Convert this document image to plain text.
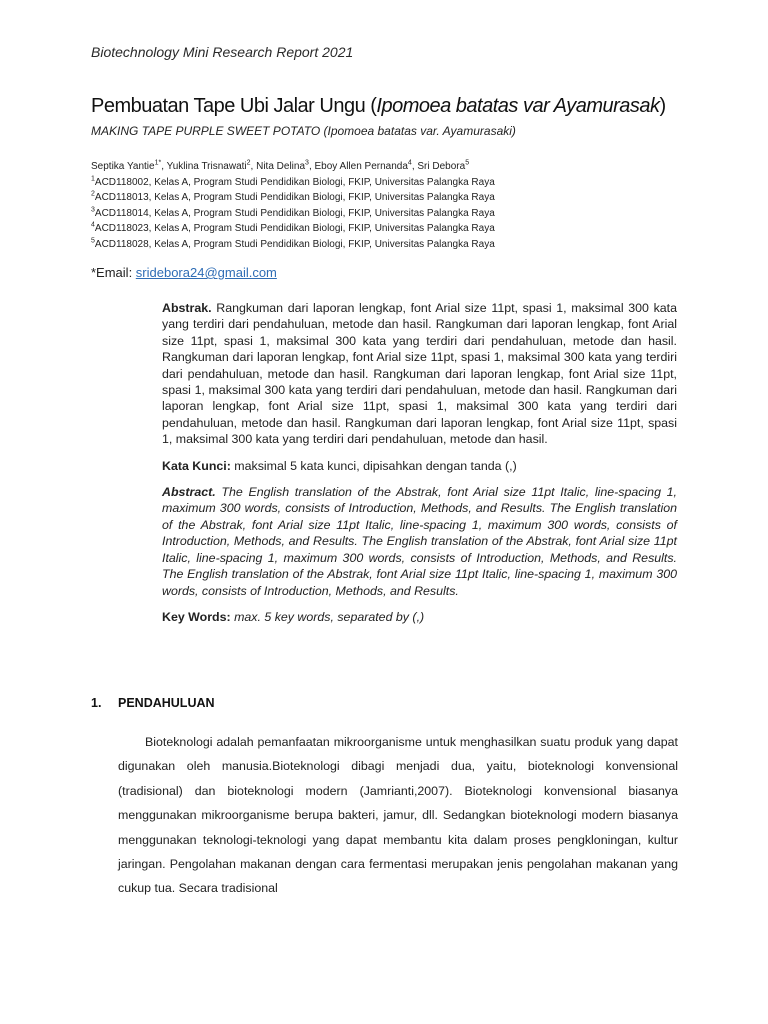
Biotechnology Mini Research Report 2021
Pembuatan Tape Ubi Jalar Ungu (Ipomoea batatas var Ayamurasak)
MAKING TAPE PURPLE SWEET POTATO (Ipomoea batatas var. Ayamurasaki)
Septika Yantie$^{1*}$, Yuklina Trisnawati$^2$, Nita Delina$^3$, Eboy Allen Pernanda$^4$, Sri Debora$^5$
$^1$ACD118002, Kelas A, Program Studi Pendidikan Biologi, FKIP, Universitas Palangka Raya
$^2$ACD118013, Kelas A, Program Studi Pendidikan Biologi, FKIP, Universitas Palangka Raya
$^3$ACD118014, Kelas A, Program Studi Pendidikan Biologi, FKIP, Universitas Palangka Raya
$^4$ACD118023, Kelas A, Program Studi Pendidikan Biologi, FKIP, Universitas Palangka Raya
$^5$ACD118028, Kelas A, Program Studi Pendidikan Biologi, FKIP, Universitas Palangka Raya
*Email: sridebora24@gmail.com

Abstrak. Rangkuman dari laporan lengkap, font Arial size 11pt, spasi 1, maksimal 300 kata yang terdiri dari pendahuluan, metode dan hasil. Rangkuman dari laporan lengkap, font Arial size 11pt, spasi 1, maksimal 300 kata yang terdiri dari pendahuluan, metode dan hasil. Rangkuman dari laporan lengkap, font Arial size 11pt, spasi 1, maksimal 300 kata yang terdiri dari pendahuluan, metode dan hasil. Rangkuman dari laporan lengkap, font Arial size 11pt, spasi 1, maksimal 300 kata yang terdiri dari pendahuluan, metode dan hasil. Rangkuman dari laporan lengkap, font Arial size 11pt, spasi 1, maksimal 300 kata yang terdiri dari pendahuluan, metode dan hasil. Rangkuman dari laporan lengkap, font Arial size 11pt, spasi 1, maksimal 300 kata yang terdiri dari pendahuluan, metode dan hasil.

Kata Kunci: maksimal 5 kata kunci, dipisahkan dengan tanda (,)

Abstract. The English translation of the Abstrak, font Arial size 11pt Italic, line-spacing 1, maximum 300 words, consists of Introduction, Methods, and Results. The English translation of the Abstrak, font Arial size 11pt Italic, line-spacing 1, maximum 300 words, consists of Introduction, Methods, and Results. The English translation of the Abstrak, font Arial size 11pt Italic, line-spacing 1, maximum 300 words, consists of Introduction, Methods, and Results. The English translation of the Abstrak, font Arial size 11pt Italic, line-spacing 1, maximum 300 words, consists of Introduction, Methods, and Results.

Key Words: max. 5 key words, separated by (,)

1. PENDAHULUAN

Bioteknologi adalah pemanfaatan mikroorganisme untuk menghasilkan suatu produk yang dapat digunakan oleh manusia.Bioteknologi dibagi menjadi dua, yaitu, bioteknologi konvensional (tradisional) dan bioteknologi modern (Jamrianti,2007). Bioteknologi konvensional biasanya menggunakan mikroorganisme berupa bakteri, jamur, dll. Sedangkan bioteknologi modern biasanya menggunakan teknologi-teknologi yang dapat membantu kita dalam proses pengkloningan, kultur jaringan. Pengolahan makanan dengan cara fermentasi merupakan jenis pengolahan makanan yang cukup tua. Secara tradisional
